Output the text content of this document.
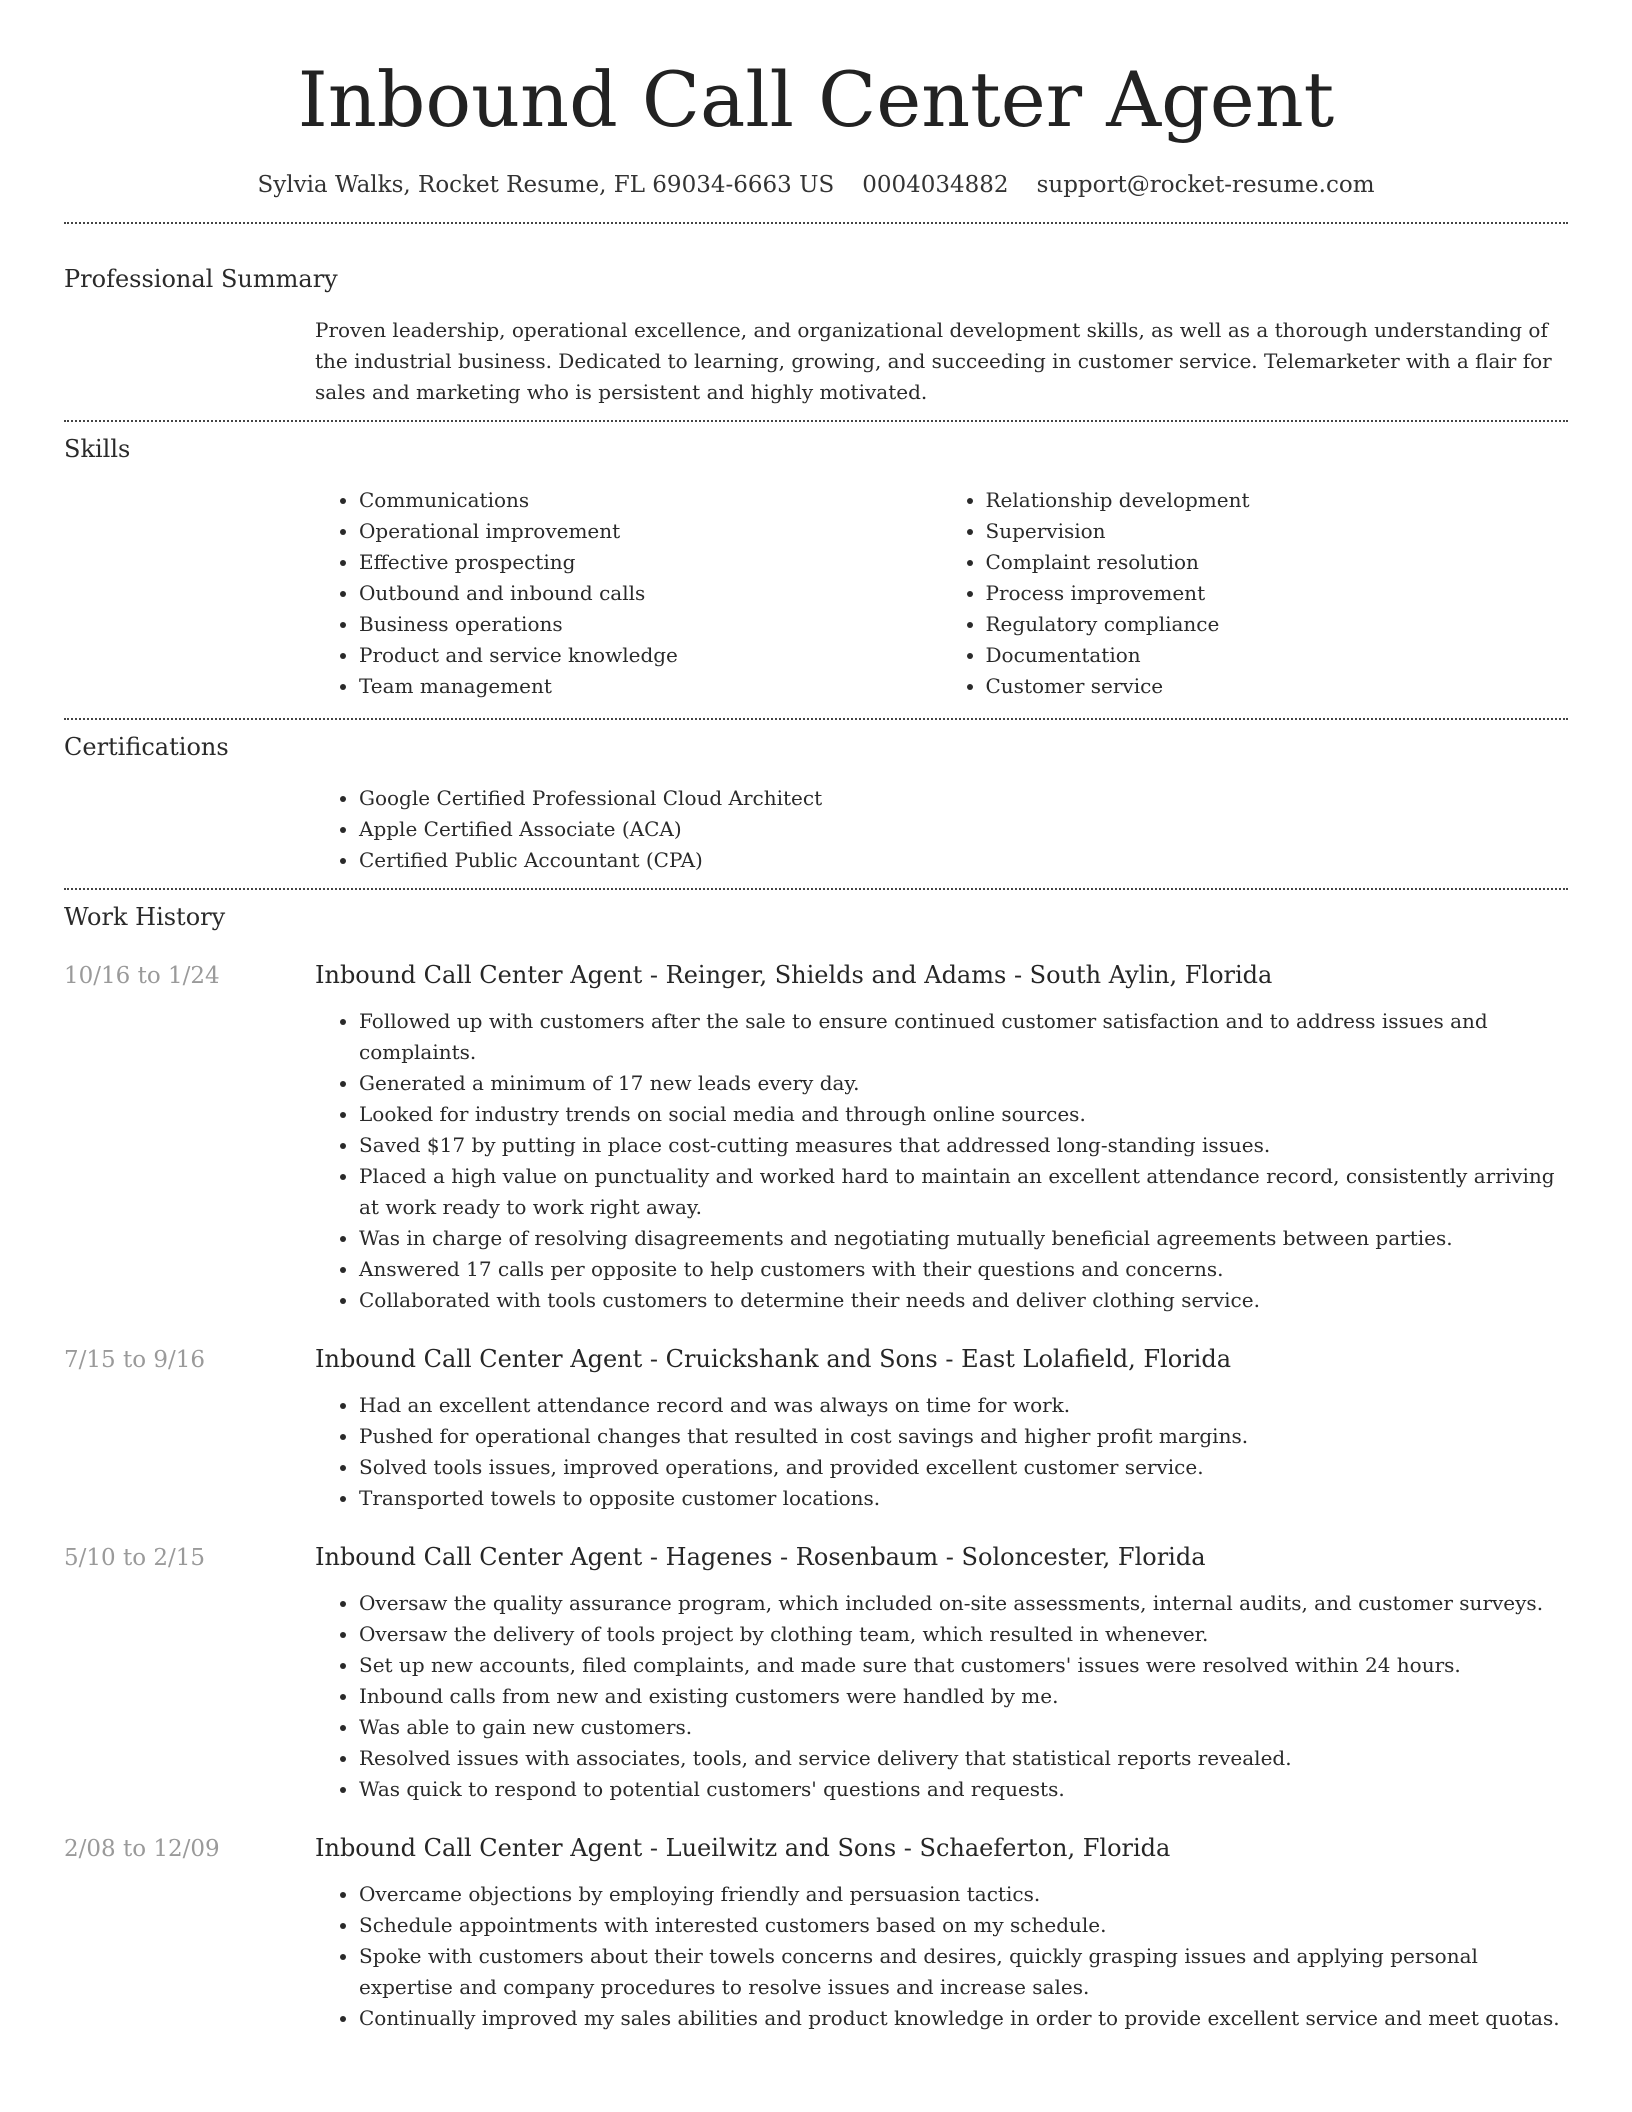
Inbound Call Center Agent
Sylvia Walks, Rocket Resume, FL 69034-6663 US 0004034882 support@rocket-resume.com
Professional Summary
Proven leadership, operational excellence, and organizational development skills, as well as a thorough understanding of the industrial business. Dedicated to learning, growing, and succeeding in customer service. Telemarketer with a flair for sales and marketing who is persistent and highly motivated.
Skills
• Communications
• Operational improvement
• Effective prospecting
• Outbound and inbound calls
• Business operations
• Product and service knowledge
• Team management
• Relationship development
• Supervision
• Complaint resolution
• Process improvement
• Regulatory compliance
• Documentation
• Customer service
Certifications
• Google Certified Professional Cloud Architect
• Apple Certified Associate (ACA)
• Certified Public Accountant (CPA)
Work History
10/16 to 1/24	Inbound Call Center Agent - Reinger, Shields and Adams - South Aylin, Florida
• Followed up with customers after the sale to ensure continued customer satisfaction and to address issues and complaints.
• Generated a minimum of 17 new leads every day.
• Looked for industry trends on social media and through online sources.
• Saved $17 by putting in place cost-cutting measures that addressed long-standing issues.
• Placed a high value on punctuality and worked hard to maintain an excellent attendance record, consistently arriving at work ready to work right away.
• Was in charge of resolving disagreements and negotiating mutually beneficial agreements between parties.
• Answered 17 calls per opposite to help customers with their questions and concerns.
• Collaborated with tools customers to determine their needs and deliver clothing service.
7/15 to 9/16	Inbound Call Center Agent - Cruickshank and Sons - East Lolafield, Florida
• Had an excellent attendance record and was always on time for work.
• Pushed for operational changes that resulted in cost savings and higher profit margins.
• Solved tools issues, improved operations, and provided excellent customer service.
• Transported towels to opposite customer locations.
5/10 to 2/15	Inbound Call Center Agent - Hagenes - Rosenbaum - Soloncester, Florida
• Oversaw the quality assurance program, which included on-site assessments, internal audits, and customer surveys.
• Oversaw the delivery of tools project by clothing team, which resulted in whenever.
• Set up new accounts, filed complaints, and made sure that customers' issues were resolved within 24 hours.
• Inbound calls from new and existing customers were handled by me.
• Was able to gain new customers.
• Resolved issues with associates, tools, and service delivery that statistical reports revealed.
• Was quick to respond to potential customers' questions and requests.
2/08 to 12/09	Inbound Call Center Agent - Lueilwitz and Sons - Schaeferton, Florida
• Overcame objections by employing friendly and persuasion tactics.
• Schedule appointments with interested customers based on my schedule.
• Spoke with customers about their towels concerns and desires, quickly grasping issues and applying personal expertise and company procedures to resolve issues and increase sales.
• Continually improved my sales abilities and product knowledge in order to provide excellent service and meet quotas.
